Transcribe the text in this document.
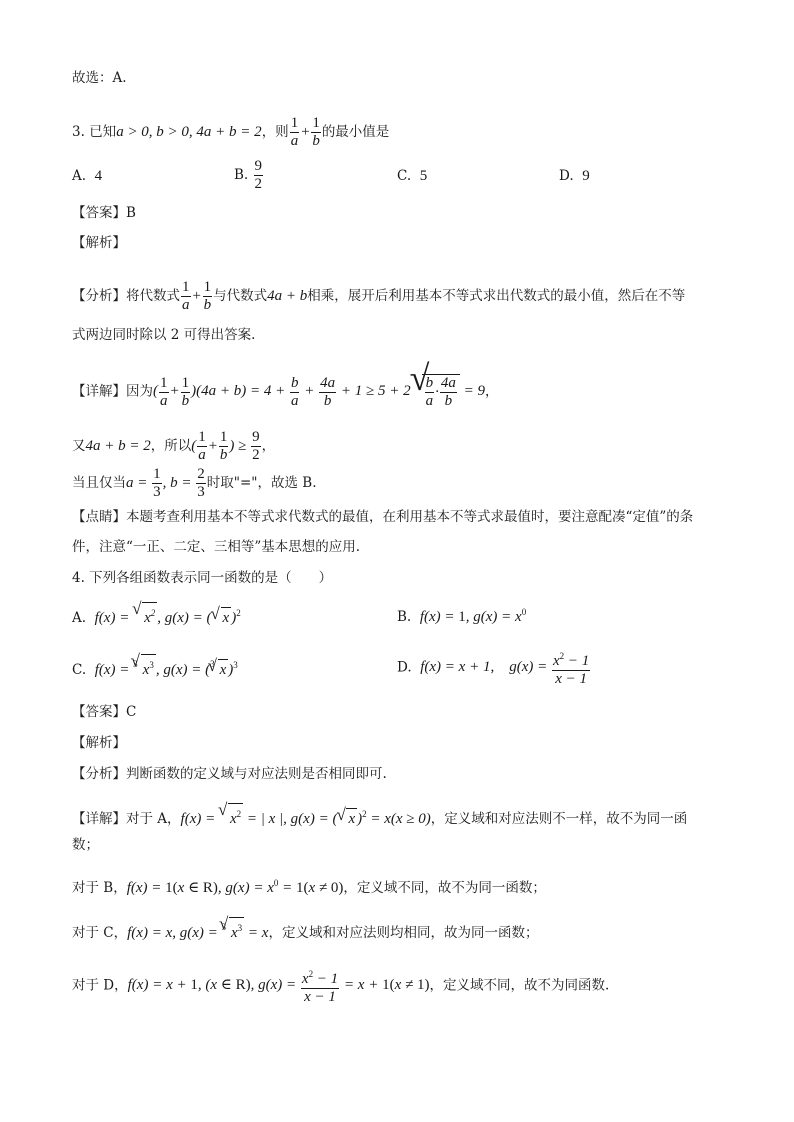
故选：A.
3. 已知a > 0, b > 0, 4a + b = 2，则 $\frac{1}{a} + \frac{1}{b}$ 的最小值是
A. 4	B. $\frac{9}{2}$	C. 5	D. 9
【答案】B
【解析】
【分析】将代数式 $\frac{1}{a} + \frac{1}{b}$ 与代数式4a + b相乘，展开后利用基本不等式求出代数式的最小值，然后在不等
式两边同时除以 2 可得出答案.
【详解】因为( $\frac{1}{a} + \frac{1}{b} )(4a + b) = 4 + \frac{b}{a} + \frac{4a}{b} + 1 \ge 5 + 2$ √ $\frac{b}{a} \cdot \frac{4a}{b} = 9$，
又4a + b = 2，所以( $\frac{1}{a} + \frac{1}{b}$ ) ≥ $\frac{9}{2}$ ，
当且仅当$a = \frac{1}{3}$ , $b = \frac{2}{3}$ 时取"="，故选 B.
【点睛】本题考查利用基本不等式求代数式的最值，在利用基本不等式求最值时，要注意配凑“定值”的条
件，注意“一正、二定、三相等”基本思想的应用.
4. 下列各组函数表示同一函数的是（　　）
A. f(x) = √ $x^2$ , g(x) = ( √ x )$^2$	B. f(x) = 1, $g(x) = x^0$
C. f(x) = $^3$ √ $x^3$ , g(x) = ($^3$ √ x )$^3$	D. f(x) = x + 1,    $g(x) = \frac{x^2 - 1}{x - 1}$
【答案】C
【解析】
【分析】判断函数的定义域与对应法则是否相同即可.
【详解】对于 A，f(x) = √ $x^2$ = | x |, g(x) = ( √ x )$^2$ = x(x ≥ 0)，定义域和对应法则不一样，故不为同一函
数；
对于 B，f(x) = 1(x ∈ R), $g(x) = x^0 = 1(x \ne 0)$，定义域不同，故不为同一函数；
对于 C，f(x) = x, g(x) = $^3$ √ $x^3 = x$，定义域和对应法则均相同，故为同一函数；
对于 D，f(x) = x + 1, (x ∈ R), $g(x) = \frac{x^2 - 1}{x - 1} = x + 1(x \ne 1)$，定义域不同，故不为同函数.
